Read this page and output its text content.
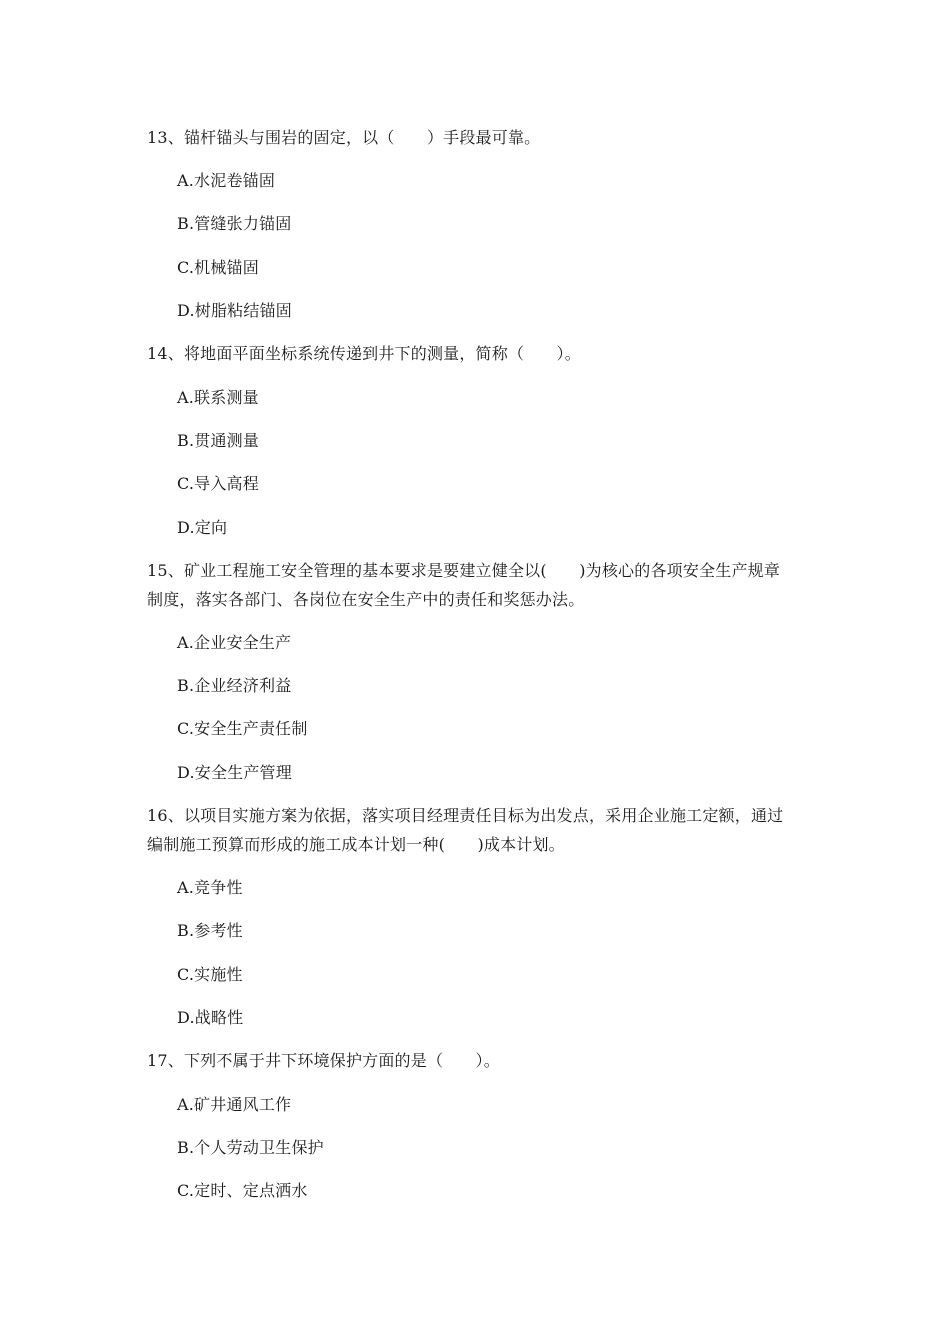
13、锚杆锚头与围岩的固定，以（　　）手段最可靠。
A.水泥卷锚固
B.管缝张力锚固
C.机械锚固
D.树脂粘结锚固
14、将地面平面坐标系统传递到井下的测量，简称（　　）。
A.联系测量
B.贯通测量
C.导入高程
D.定向
15、矿业工程施工安全管理的基本要求是要建立健全以(　　)为核心的各项安全生产规章
制度，落实各部门、各岗位在安全生产中的责任和奖惩办法。
A.企业安全生产
B.企业经济利益
C.安全生产责任制
D.安全生产管理
16、以项目实施方案为依据，落实项目经理责任目标为出发点，采用企业施工定额，通过
编制施工预算而形成的施工成本计划一种(　　)成本计划。
A.竞争性
B.参考性
C.实施性
D.战略性
17、下列不属于井下环境保护方面的是（　　）。
A.矿井通风工作
B.个人劳动卫生保护
C.定时、定点洒水
